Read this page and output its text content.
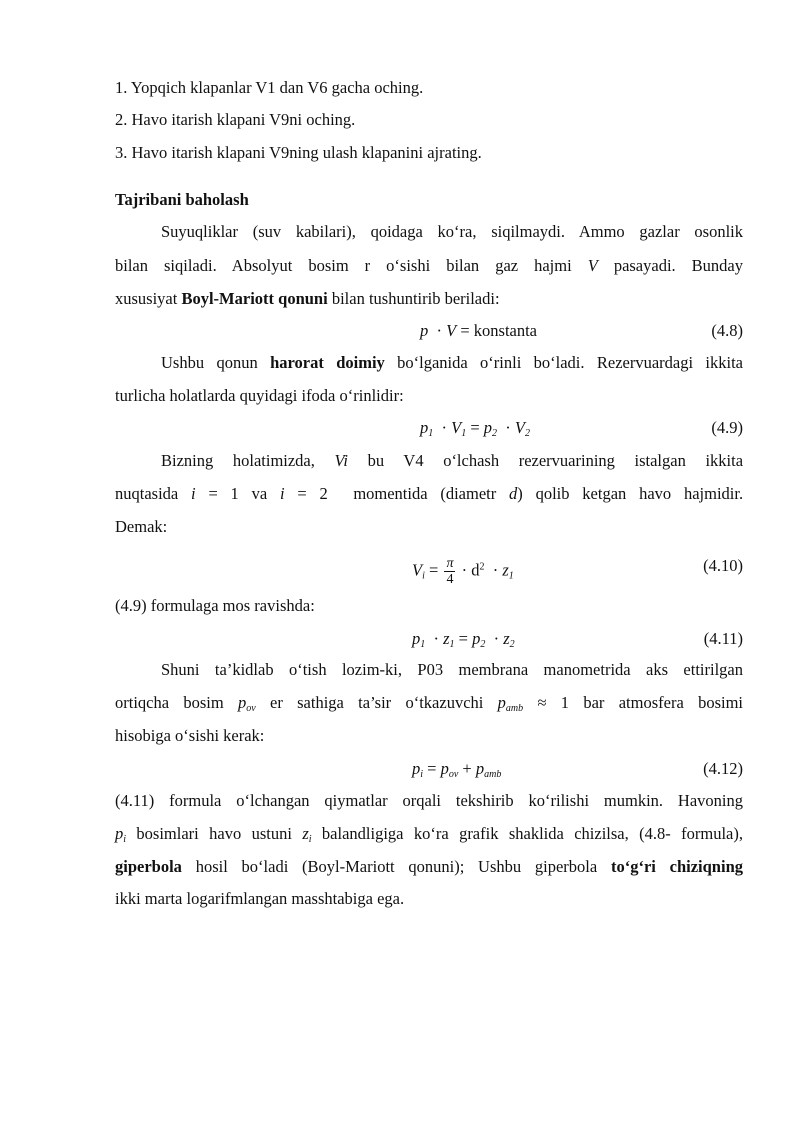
1. Yopqich klapanlar V1 dan V6 gacha oching.
2. Havo itarish klapani V9ni oching.
3. Havo itarish klapani V9ning ulash klapanini ajrating.
Tajribani baholash
Suyuqliklar (suv kabilari), qoidaga ko‘ra, siqilmaydi. Ammo gazlar osonlik
bilan siqiladi. Absolyut bosim r o‘sishi bilan gaz hajmi V pasayadi. Bunday
xususiyat Boyl-Mariott qonuni bilan tushuntirib beriladi:
p · V = konstanta	(4.8)
Ushbu qonun harorat doimiy bo‘lganida o‘rinli bo‘ladi. Rezervuardagi ikkita
turlicha holatlarda quyidagi ifoda o‘rinlidir:
$p_1 \cdot V_1 = p_2 \cdot V_2$	(4.9)
Bizning holatimizda, Vi bu V4 o‘lchash rezervuarining istalgan ikkita
nuqtasida i = 1 va i = 2 momentida (diametr d) qolib ketgan havo hajmidir.
Demak:
$V_i = \frac{\pi}{4} \cdot d^2 \cdot z_1$
(4.10)
(4.9) formulaga mos ravishda:
$p_1 \cdot z_1 = p_2 \cdot z_2$	(4.11)
Shuni ta’kidlab o‘tish lozim-ki, P03 membrana manometrida aks ettirilgan
ortiqcha bosim $p_{ov}$ er sathiga ta’sir o‘tkazuvchi $p_{amb} \approx 1$ bar atmosfera bosimi
hisobiga o‘sishi kerak:
$p_i = p_{ov} + p_{amb}$	(4.12)
(4.11) formula o‘lchangan qiymatlar orqali tekshirib ko‘rilishi mumkin. Havoning
$p_i$ bosimlari havo ustuni $z_i$ balandligiga ko‘ra grafik shaklida chizilsa, (4.8- formula),
giperbola hosil bo‘ladi (Boyl-Mariott qonuni); Ushbu giperbola to‘g‘ri chiziqning
ikki marta logarifmlangan masshtabiga ega.
